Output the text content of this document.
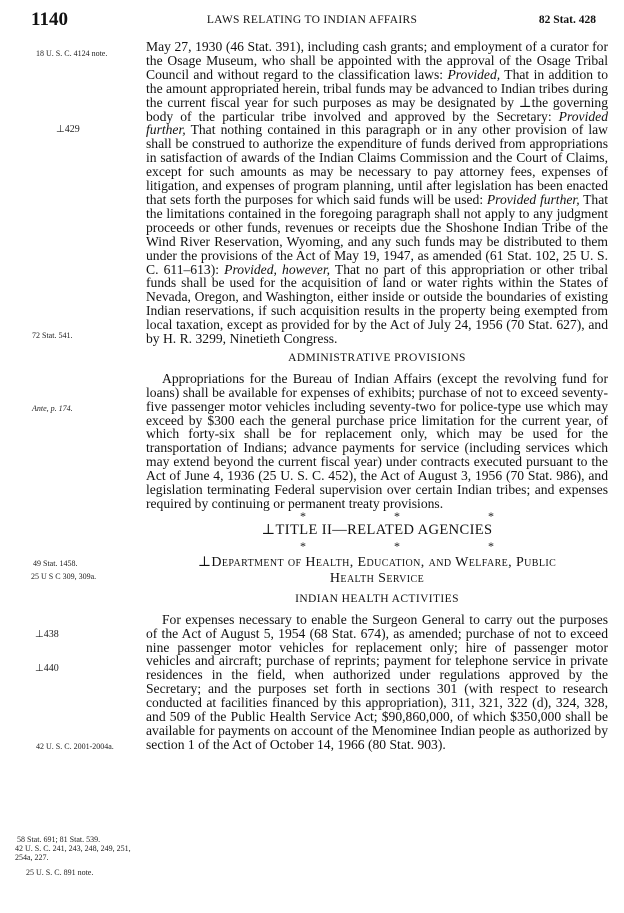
1140	LAWS RELATING TO INDIAN AFFAIRS	82 Stat. 428
18 U. S. C. 4124 note.
⊥429
72 Stat. 541.
Ante, p. 174.
49 Stat. 1458.
25 U S C 309, 309a.
⊥438
⊥440
42 U. S. C. 2001-2004a.
58 Stat. 691; 81 Stat. 539.
42 U. S. C. 241, 243, 248, 249, 251, 254a, 227.
25 U. S. C. 891 note.

May 27, 1930 (46 Stat. 391), including cash grants; and employment of a curator for the Osage Museum, who shall be appointed with the approval of the Osage Tribal Council and without regard to the classification laws: Provided, That in addition to the amount appropriated herein, tribal funds may be advanced to Indian tribes during the current fiscal year for such purposes as may be designated by ⊥the governing body of the particular tribe involved and approved by the Secretary: Provided further, That nothing contained in this paragraph or in any other provision of law shall be construed to authorize the expenditure of funds derived from appropriations in satisfaction of awards of the Indian Claims Commission and the Court of Claims, except for such amounts as may be necessary to pay attorney fees, expenses of litigation, and expenses of program planning, until after legislation has been enacted that sets forth the purposes for which said funds will be used: Provided further, That the limitations contained in the foregoing paragraph shall not apply to any judgment proceeds or other funds, revenues or receipts due the Shoshone Indian Tribe of the Wind River Reservation, Wyoming, and any such funds may be distributed to them under the provisions of the Act of May 19, 1947, as amended (61 Stat. 102, 25 U. S. C. 611–613): Provided, however, That no part of this appropriation or other tribal funds shall be used for the acquisition of land or water rights within the States of Nevada, Oregon, and Washington, either inside or outside the boundaries of existing Indian reservations, if such acquisition results in the property being exempted from local taxation, except as provided for by the Act of July 24, 1956 (70 Stat. 627), and by H. R. 3299, Ninetieth Congress.

ADMINISTRATIVE PROVISIONS

Appropriations for the Bureau of Indian Affairs (except the revolving fund for loans) shall be available for expenses of exhibits; purchase of not to exceed seventy-five passenger motor vehicles including seventy-two for police-type use which may exceed by $300 each the general purchase price limitation for the current year, of which forty-six shall be for replacement only, which may be used for the transportation of Indians; advance payments for service (including services which may extend beyond the current fiscal year) under contracts executed pursuant to the Act of June 4, 1936 (25 U. S. C. 452), the Act of August 3, 1956 (70 Stat. 986), and legislation terminating Federal supervision over certain Indian tribes; and expenses required by continuing or permanent treaty provisions.

*	*	*
⊥TITLE II—RELATED AGENCIES
*	*	*
⊥Department of Health, Education, and Welfare, Public
Health Service
INDIAN HEALTH ACTIVITIES

For expenses necessary to enable the Surgeon General to carry out the purposes of the Act of August 5, 1954 (68 Stat. 674), as amended; purchase of not to exceed nine passenger motor vehicles for replacement only; hire of passenger motor vehicles and aircraft; purchase of reprints; payment for telephone service in private residences in the field, when authorized under regulations approved by the Secretary; and the purposes set forth in sections 301 (with respect to research conducted at facilities financed by this appropriation), 311, 321, 322 (d), 324, 328, and 509 of the Public Health Service Act; $90,860,000, of which $350,000 shall be available for payments on account of the Menominee Indian people as authorized by section 1 of the Act of October 14, 1966 (80 Stat. 903).
